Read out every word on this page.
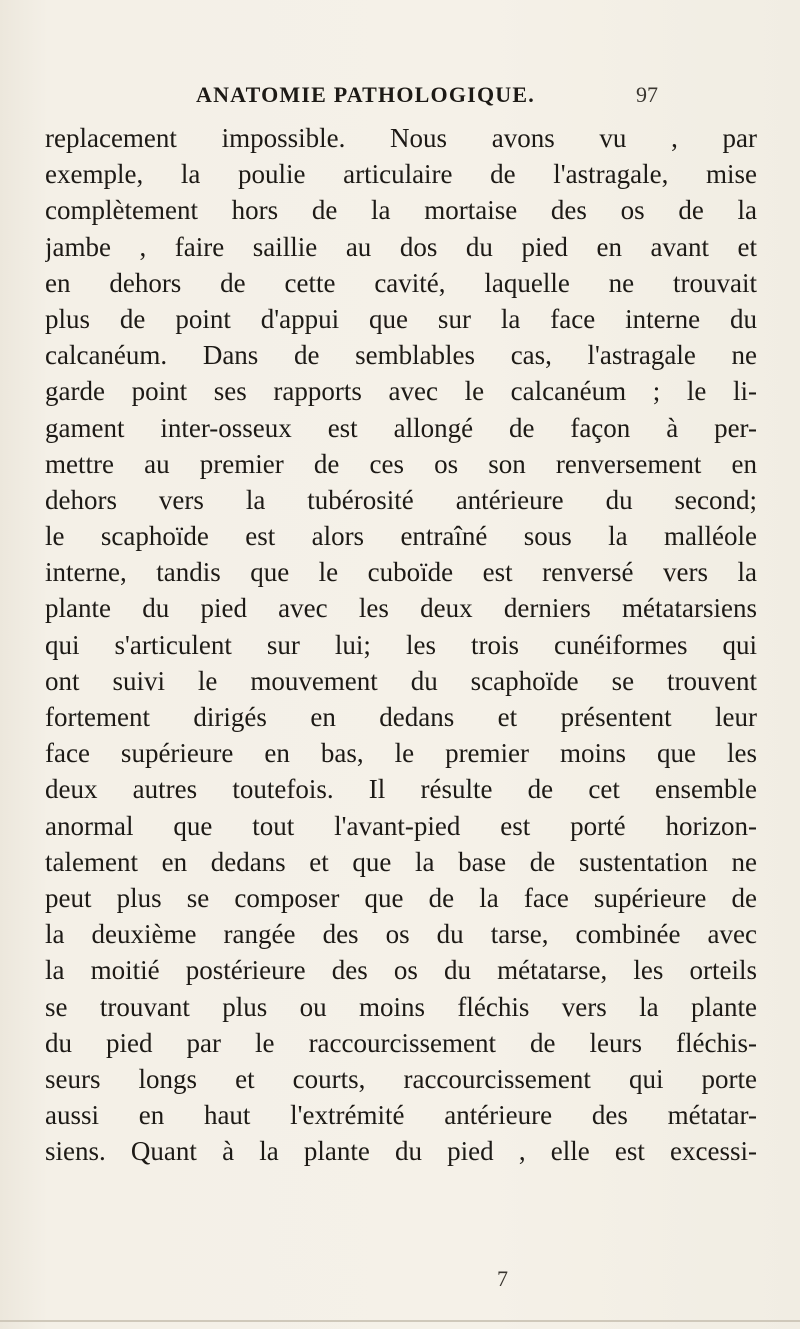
ANATOMIE PATHOLOGIQUE.	97
replacement impossible. Nous avons vu , par
exemple, la poulie articulaire de l'astragale, mise
complètement hors de la mortaise des os de la
jambe , faire saillie au dos du pied en avant et
en dehors de cette cavité, laquelle ne trouvait
plus de point d'appui que sur la face interne du
calcanéum. Dans de semblables cas, l'astragale ne
garde point ses rapports avec le calcanéum ; le li-
gament inter-osseux est allongé de façon à per-
mettre au premier de ces os son renversement en
dehors vers la tubérosité antérieure du second;
le scaphoïde est alors entraîné sous la malléole
interne, tandis que le cuboïde est renversé vers la
plante du pied avec les deux derniers métatarsiens
qui s'articulent sur lui; les trois cunéiformes qui
ont suivi le mouvement du scaphoïde se trouvent
fortement dirigés en dedans et présentent leur
face supérieure en bas, le premier moins que les
deux autres toutefois. Il résulte de cet ensemble
anormal que tout l'avant-pied est porté horizon-
talement en dedans et que la base de sustentation ne
peut plus se composer que de la face supérieure de
la deuxième rangée des os du tarse, combinée avec
la moitié postérieure des os du métatarse, les orteils
se trouvant plus ou moins fléchis vers la plante
du pied par le raccourcissement de leurs fléchis-
seurs longs et courts, raccourcissement qui porte
aussi en haut l'extrémité antérieure des métatar-
siens. Quant à la plante du pied , elle est excessi-
7
